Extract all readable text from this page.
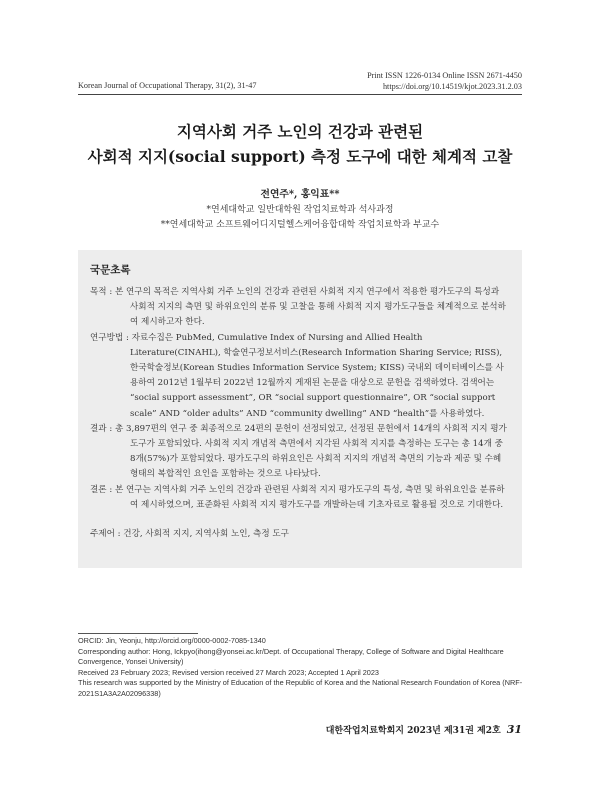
Print ISSN 1226-0134 Online ISSN 2671-4450
https://doi.org/10.14519/kjot.2023.31.2.03
Korean Journal of Occupational Therapy, 31(2), 31-47
지역사회 거주 노인의 건강과 관련된
사회적 지지(social support) 측정 도구에 대한 체계적 고찰
전연주*, 홍익표**
*연세대학교 일반대학원 작업치료학과 석사과정
**연세대학교 소프트웨어디지털헬스케어융합대학 작업치료학과 부교수
국문초록

목적 : 본 연구의 목적은 지역사회 거주 노인의 건강과 관련된 사회적 지지 연구에서 적용한 평가도구의 특성과 사회적 지지의 측면 및 하위요인의 분류 및 고찰을 통해 사회적 지지 평가도구들을 체계적으로 분석하여 제시하고자 한다.

연구방법 : 자료수집은 PubMed, Cumulative Index of Nursing and Allied Health Literature(CINAHL), 학술연구정보서비스(Research Information Sharing Service; RISS), 한국학술정보(Korean Studies Information Service System; KISS) 국내외 데이터베이스를 사용하여 2012년 1월부터 2022년 12월까지 게재된 논문을 대상으로 문헌을 검색하였다. 검색어는 “social support assessment”, OR “social support questionnaire”, OR “social support scale” AND “older adults” AND “community dwelling” AND “health”를 사용하였다.

결과 : 총 3,897편의 연구 중 최종적으로 24편의 문헌이 선정되었고, 선정된 문헌에서 14개의 사회적 지지 평가도구가 포함되었다. 사회적 지지 개념적 측면에서 지각된 사회적 지지를 측정하는 도구는 총 14개 중 8개(57%)가 포함되었다. 평가도구의 하위요인은 사회적 지지의 개념적 측면의 기능과 제공 및 수혜 형태의 복합적인 요인을 포함하는 것으로 나타났다.

결론 : 본 연구는 지역사회 거주 노인의 건강과 관련된 사회적 지지 평가도구의 특성, 측면 및 하위요인을 분류하여 제시하였으며, 표준화된 사회적 지지 평가도구를 개발하는데 기초자료로 활용될 것으로 기대한다.

주제어 : 건강, 사회적 지지, 지역사회 노인, 측정 도구
ORCID: Jin, Yeonju, http://orcid.org/0000-0002-7085-1340
Corresponding author: Hong, Ickpyo(ihong@yonsei.ac.kr/Dept. of Occupational Therapy, College of Software and Digital Healthcare Convergence, Yonsei University)
Received 23 February 2023; Revised version received 27 March 2023; Accepted 1 April 2023
This research was supported by the Ministry of Education of the Republic of Korea and the National Research Foundation of Korea (NRF-2021S1A3A2A02096338)
대한작업치료학회지 2023년 제31권 제2호 31
